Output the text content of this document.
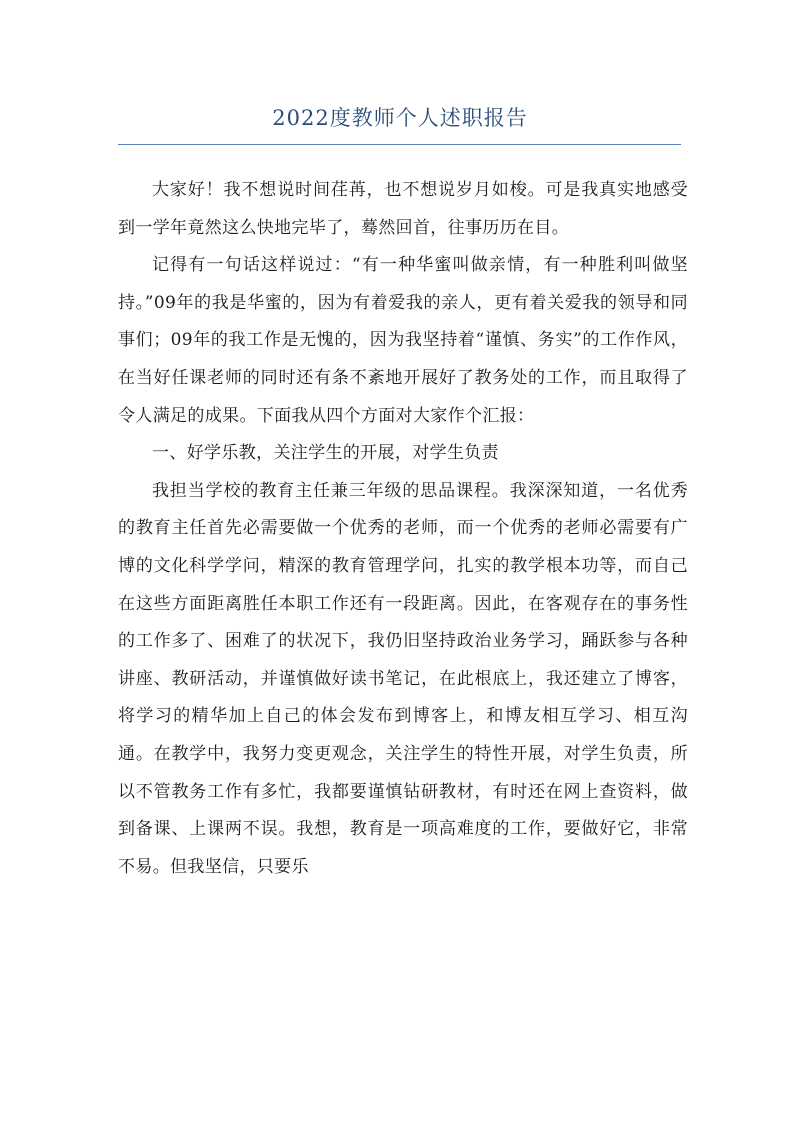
2022度教师个人述职报告

大家好！我不想说时间荏苒，也不想说岁月如梭。可是我真实地感受到一学年竟然这么快地完毕了，蓦然回首，往事历历在目。

记得有一句话这样说过：“有一种华蜜叫做亲情，有一种胜利叫做坚持。”09年的我是华蜜的，因为有着爱我的亲人，更有着关爱我的领导和同事们；09年的我工作是无愧的，因为我坚持着“谨慎、务实”的工作作风，在当好任课老师的同时还有条不紊地开展好了教务处的工作，而且取得了令人满足的成果。下面我从四个方面对大家作个汇报：

一、好学乐教，关注学生的开展，对学生负责

我担当学校的教育主任兼三年级的思品课程。我深深知道，一名优秀的教育主任首先必需要做一个优秀的老师，而一个优秀的老师必需要有广博的文化科学学问，精深的教育管理学问，扎实的教学根本功等，而自己在这些方面距离胜任本职工作还有一段距离。因此，在客观存在的事务性的工作多了、困难了的状况下，我仍旧坚持政治业务学习，踊跃参与各种讲座、教研活动，并谨慎做好读书笔记，在此根底上，我还建立了博客，将学习的精华加上自己的体会发布到博客上，和博友相互学习、相互沟通。在教学中，我努力变更观念，关注学生的特性开展，对学生负责，所以不管教务工作有多忙，我都要谨慎钻研教材，有时还在网上查资料，做到备课、上课两不误。我想，教育是一项高难度的工作，要做好它，非常不易。但我坚信，只要乐
